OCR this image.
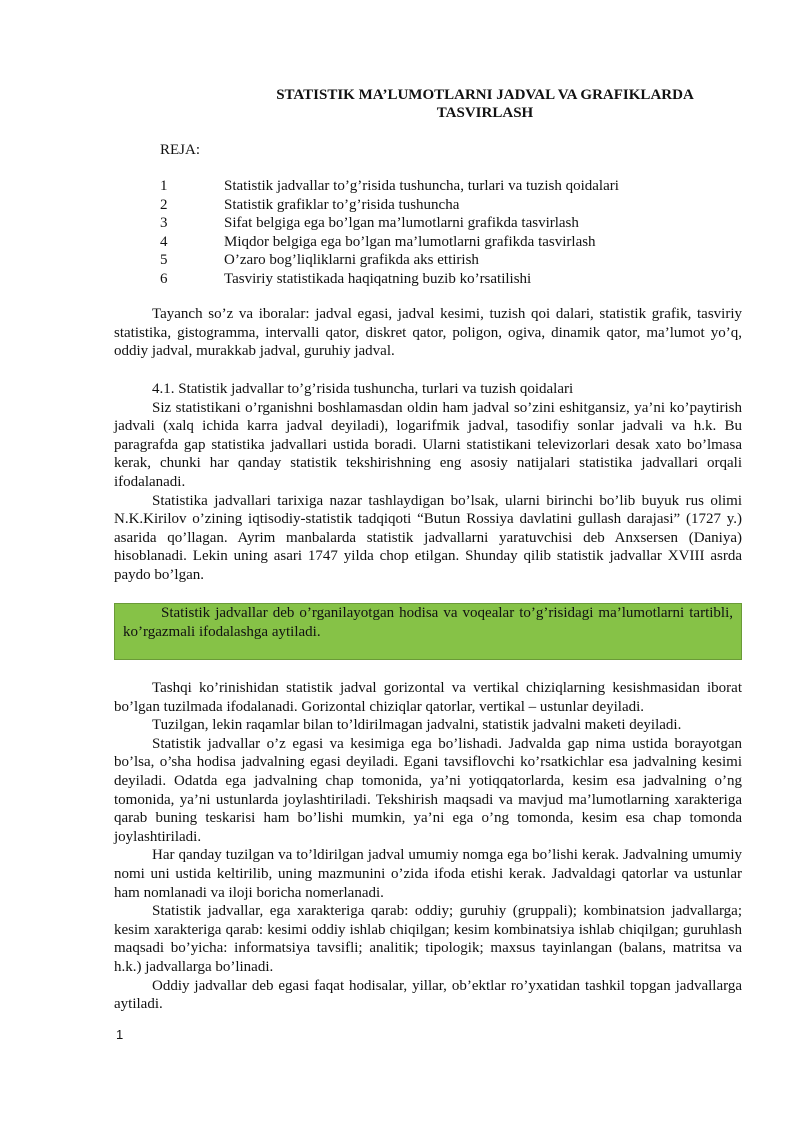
STATISTIK MA’LUMOTLARNI JADVAL VA GRAFIKLARDA
TASVIRLASH
REJA:
1	Statistik jadvallar to’g’risida tushuncha, turlari va tuzish qoidalari
2	Statistik grafiklar to’g’risida tushuncha
3	Sifat belgiga ega bo’lgan ma’lumotlarni grafikda tasvirlash
4	Miqdor belgiga ega bo’lgan ma’lumotlarni grafikda tasvirlash
5	O’zaro bog’liqliklarni grafikda aks ettirish
6	Tasviriy statistikada haqiqatning buzib ko’rsatilishi

Tayanch so’z va iboralar: jadval egasi, jadval kesimi, tuzish qoi dalari, statistik grafik, tasviriy statistika, gistogramma, intervalli qator, diskret qator, poligon, ogiva, dinamik qator, ma’lumot yo’q, oddiy jadval, murakkab jadval, guruhiy jadval.

4.1. Statistik jadvallar to’g’risida tushuncha, turlari va tuzish qoidalari

Siz statistikani o’rganishni boshlamasdan oldin ham jadval so’zini eshitgansiz, ya’ni ko’paytirish jadvali (xalq ichida karra jadval deyiladi), logarifmik jadval, tasodifiy sonlar jadvali va h.k. Bu paragrafda gap statistika jadvallari ustida boradi. Ularni statistikani televizorlari desak xato bo’lmasa kerak, chunki har qanday statistik tekshirishning eng asosiy natijalari statistika jadvallari orqali ifodalanadi.

Statistika jadvallari tarixiga nazar tashlaydigan bo’lsak, ularni birinchi bo’lib buyuk rus olimi N.K.Kirilov o’zining iqtisodiy-statistik tadqiqoti “Butun Rossiya davlatini gullash darajasi” (1727 y.) asarida qo’llagan. Ayrim manbalarda statistik jadvallarni yaratuvchisi deb Anxsersen (Daniya) hisoblanadi. Lekin uning asari 1747 yilda chop etilgan. Shunday qilib statistik jadvallar XVIII asrda paydo bo’lgan.

Statistik jadvallar deb o’rganilayotgan hodisa va voqealar to’g’risidagi ma’lumotlarni tartibli, ko’rgazmali ifodalashga aytiladi.

Tashqi ko’rinishidan statistik jadval gorizontal va vertikal chiziqlarning kesishmasidan iborat bo’lgan tuzilmada ifodalanadi. Gorizontal chiziqlar qatorlar, vertikal – ustunlar deyiladi.

Tuzilgan, lekin raqamlar bilan to’ldirilmagan jadvalni, statistik jadvalni maketi deyiladi.

Statistik jadvallar o’z egasi va kesimiga ega bo’lishadi. Jadvalda gap nima ustida borayotgan bo’lsa, o’sha hodisa jadvalning egasi deyiladi. Egani tavsiflovchi ko’rsatkichlar esa jadvalning kesimi deyiladi. Odatda ega jadvalning chap tomonida, ya’ni yotiqqatorlarda, kesim esa jadvalning o’ng tomonida, ya’ni ustunlarda joylashtiriladi. Tekshirish maqsadi va mavjud ma’lumotlarning xarakteriga qarab buning teskarisi ham bo’lishi mumkin, ya’ni ega o’ng tomonda, kesim esa chap tomonda joylashtiriladi.

Har qanday tuzilgan va to’ldirilgan jadval umumiy nomga ega bo’lishi kerak. Jadvalning umumiy nomi uni ustida keltirilib, uning mazmunini o’zida ifoda etishi kerak. Jadvaldagi qatorlar va ustunlar ham nomlanadi va iloji boricha nomerlanadi.

Statistik jadvallar, ega xarakteriga qarab: oddiy; guruhiy (gruppali); kombinatsion jadvallarga; kesim xarakteriga qarab: kesimi oddiy ishlab chiqilgan; kesim kombinatsiya ishlab chiqilgan; guruhlash maqsadi bo’yicha: informatsiya tavsifli; analitik; tipologik; maxsus tayinlangan (balans, matritsa va h.k.) jadvallarga bo’linadi.

Oddiy jadvallar deb egasi faqat hodisalar, yillar, ob’ektlar ro’yxatidan tashkil topgan jadvallarga aytiladi.

1
